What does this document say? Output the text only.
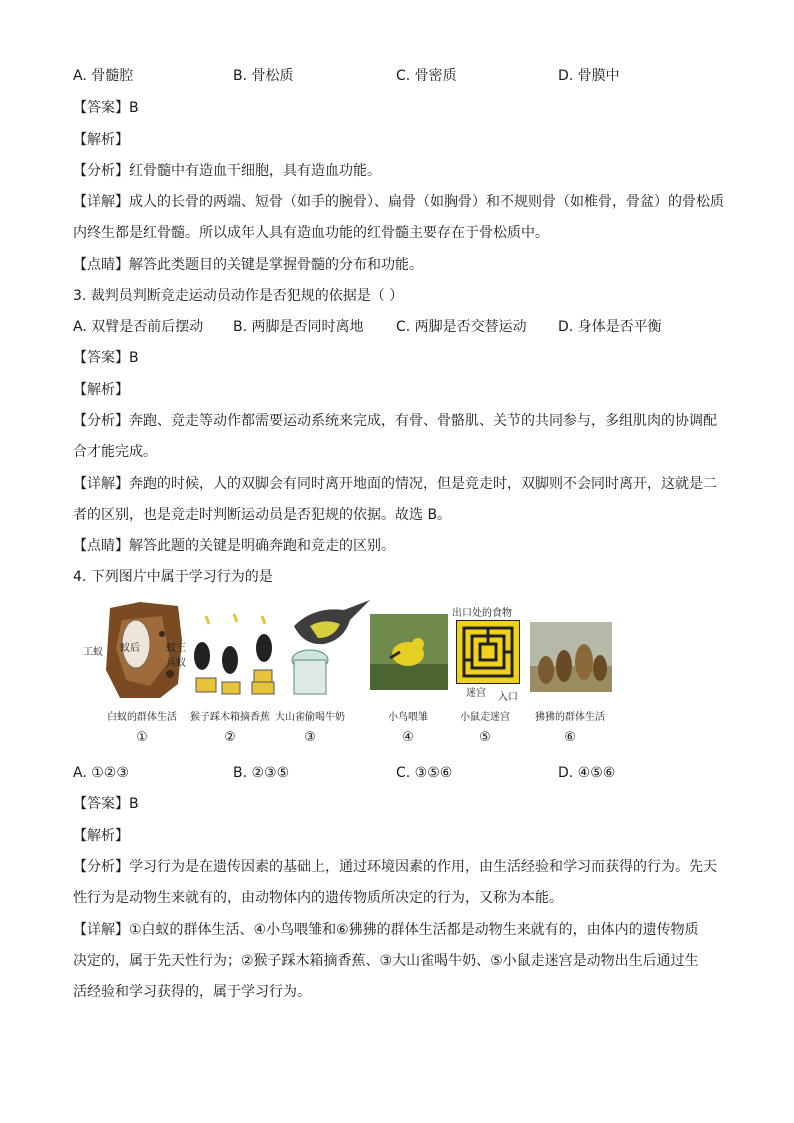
A. 骨髓腔	B. 骨松质	C. 骨密质	D. 骨膜中
【答案】B
【解析】
【分析】红骨髓中有造血干细胞，具有造血功能。
【详解】成人的长骨的两端、短骨（如手的腕骨）、扁骨（如胸骨）和不规则骨（如椎骨，骨盆）的骨松质
内终生都是红骨髓。所以成年人具有造血功能的红骨髓主要存在于骨松质中。
【点睛】解答此类题目的关键是掌握骨髓的分布和功能。
3. 裁判员判断竞走运动员动作是否犯规的依据是（ ）
A. 双臂是否前后摆动 B. 两脚是否同时离地 C. 两脚是否交替运动 D. 身体是否平衡
【答案】B
【解析】
【分析】奔跑、竞走等动作都需要运动系统来完成，有骨、骨骼肌、关节的共同参与，多组肌肉的协调配
合才能完成。
【详解】奔跑的时候，人的双脚会有同时离开地面的情况，但是竞走时，双脚则不会同时离开，这就是二
者的区别，也是竞走时判断运动员是否犯规的依据。故选 B。
【点睛】解答此题的关键是明确奔跑和竞走的区别。
4. 下列图片中属于学习行为的是
工蚁 蚁后	蚁王
兵蚁
出口处的食物
迷宫 入口
白蚁的群体生活 猴子踩木箱摘香蕉 大山雀偷喝牛奶	小鸟喂雏	小鼠走迷宫	狒狒的群体生活
①	②	③	④	⑤	⑥
A. ①②③	B. ②③⑤	C. ③⑤⑥	D. ④⑤⑥
【答案】B
【解析】
【分析】学习行为是在遗传因素的基础上，通过环境因素的作用，由生活经验和学习而获得的行为。先天
性行为是动物生来就有的，由动物体内的遗传物质所决定的行为，又称为本能。
【详解】①白蚁的群体生活、④小鸟喂雏和⑥狒狒的群体生活都是动物生来就有的，由体内的遗传物质
决定的，属于先天性行为；②猴子踩木箱摘香蕉、③大山雀喝牛奶、⑤小鼠走迷宫是动物出生后通过生
活经验和学习获得的，属于学习行为。
